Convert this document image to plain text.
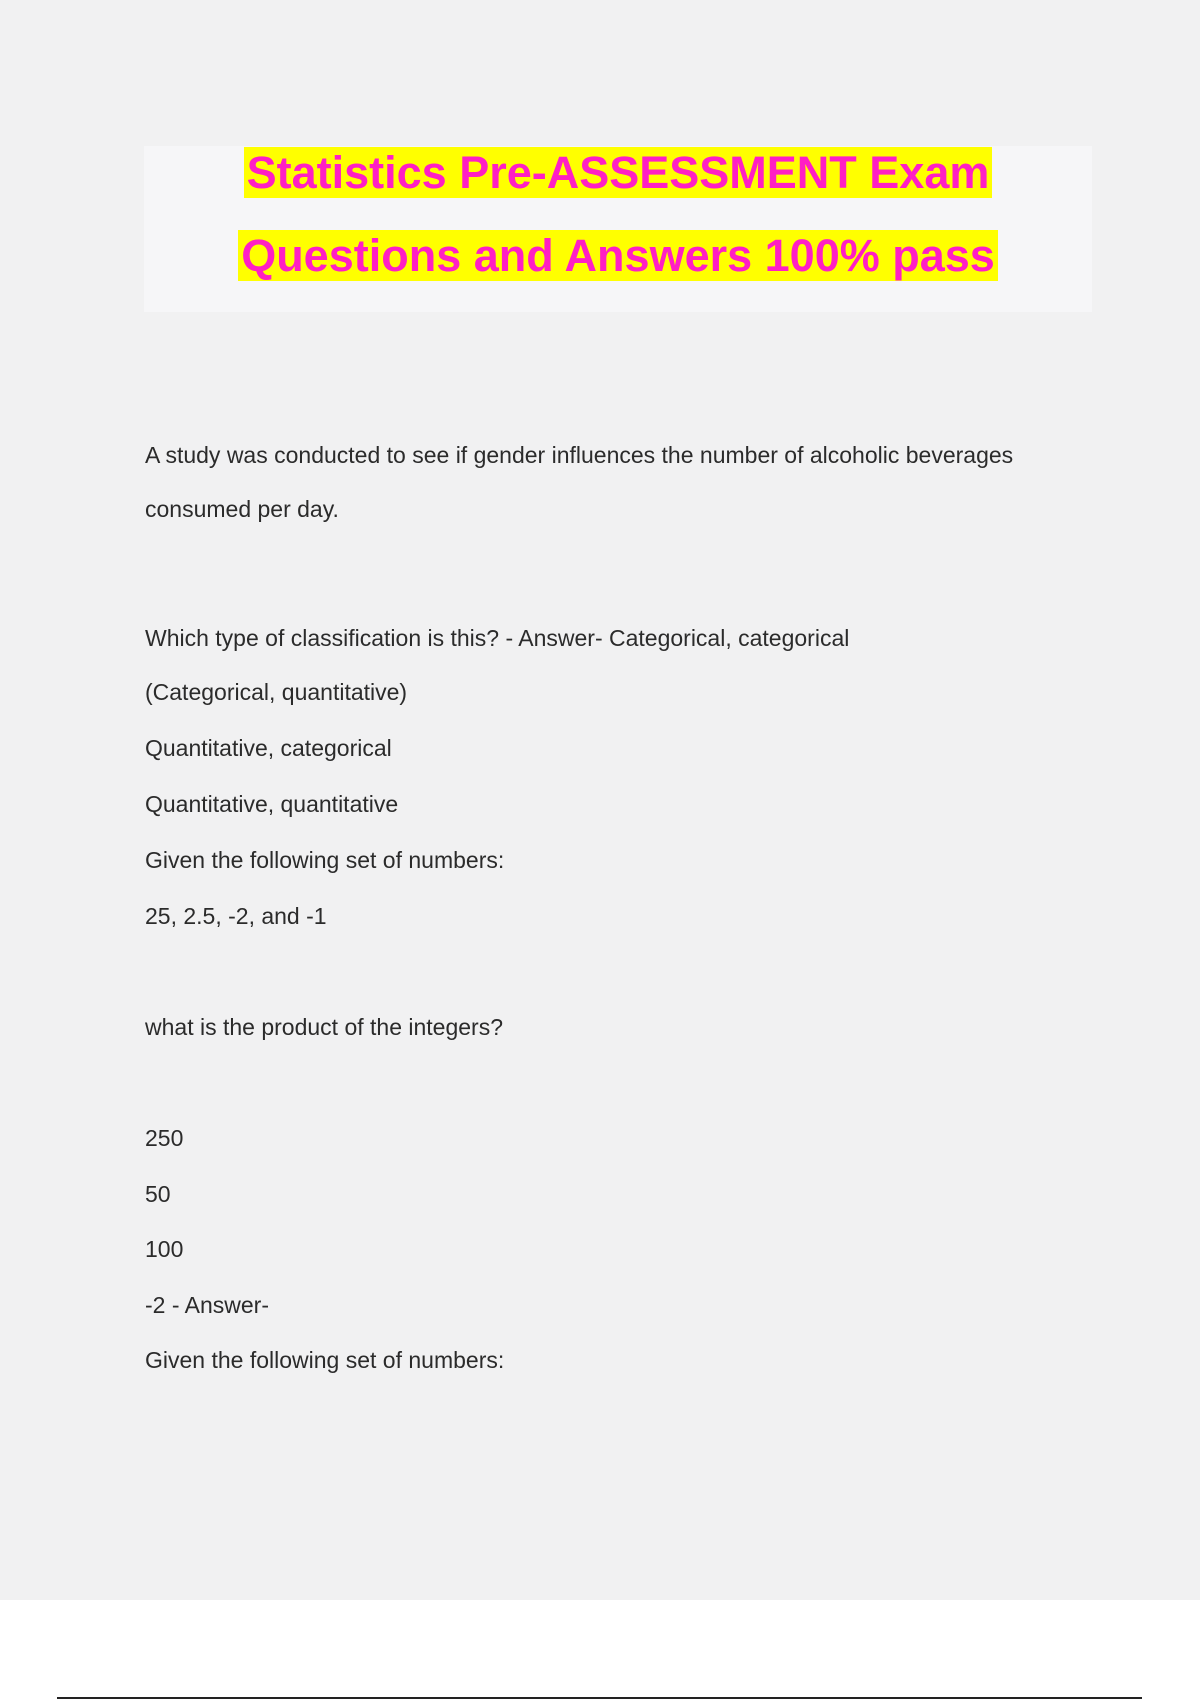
Statistics Pre-ASSESSMENT Exam
Questions and Answers 100% pass
A study was conducted to see if gender influences the number of alcoholic beverages
consumed per day.
Which type of classification is this? - Answer- Categorical, categorical
(Categorical, quantitative)
Quantitative, categorical
Quantitative, quantitative
Given the following set of numbers:
25, 2.5, -2, and -1
what is the product of the integers?
250
50
100
-2 - Answer-
Given the following set of numbers:
